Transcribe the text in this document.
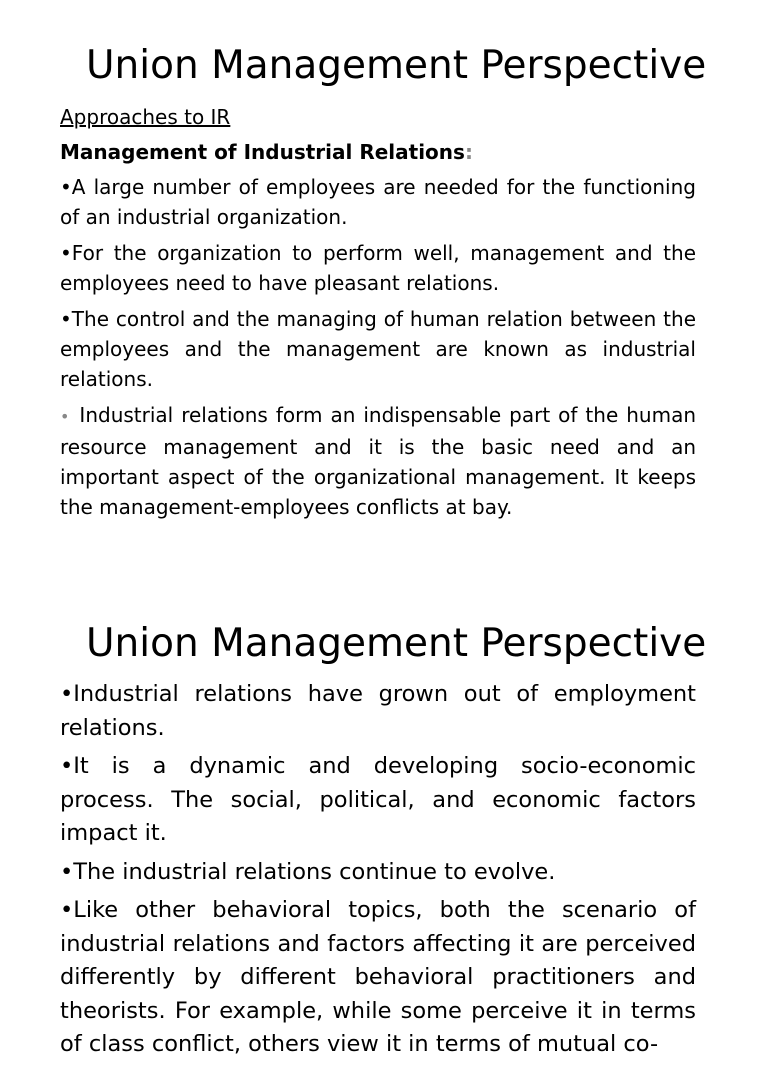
Union Management Perspective
Approaches to IR
Management of Industrial Relations:

•A large number of employees are needed for the functioning of an industrial organization.

•For the organization to perform well, management and the employees need to have pleasant relations.

•The control and the managing of human relation between the employees and the management are known as industrial relations.

• Industrial relations form an indispensable part of the human resource management and it is the basic need and an important aspect of the organizational management. It keeps the management-employees conflicts at bay.

Union Management Perspective

•Industrial relations have grown out of employment relations.

•It is a dynamic and developing socio-economic process. The social, political, and economic factors impact it.

•The industrial relations continue to evolve.

•Like other behavioral topics, both the scenario of industrial relations and factors affecting it are perceived differently by different behavioral practitioners and theorists. For example, while some perceive it in terms of class conflict, others view it in terms of mutual co-
